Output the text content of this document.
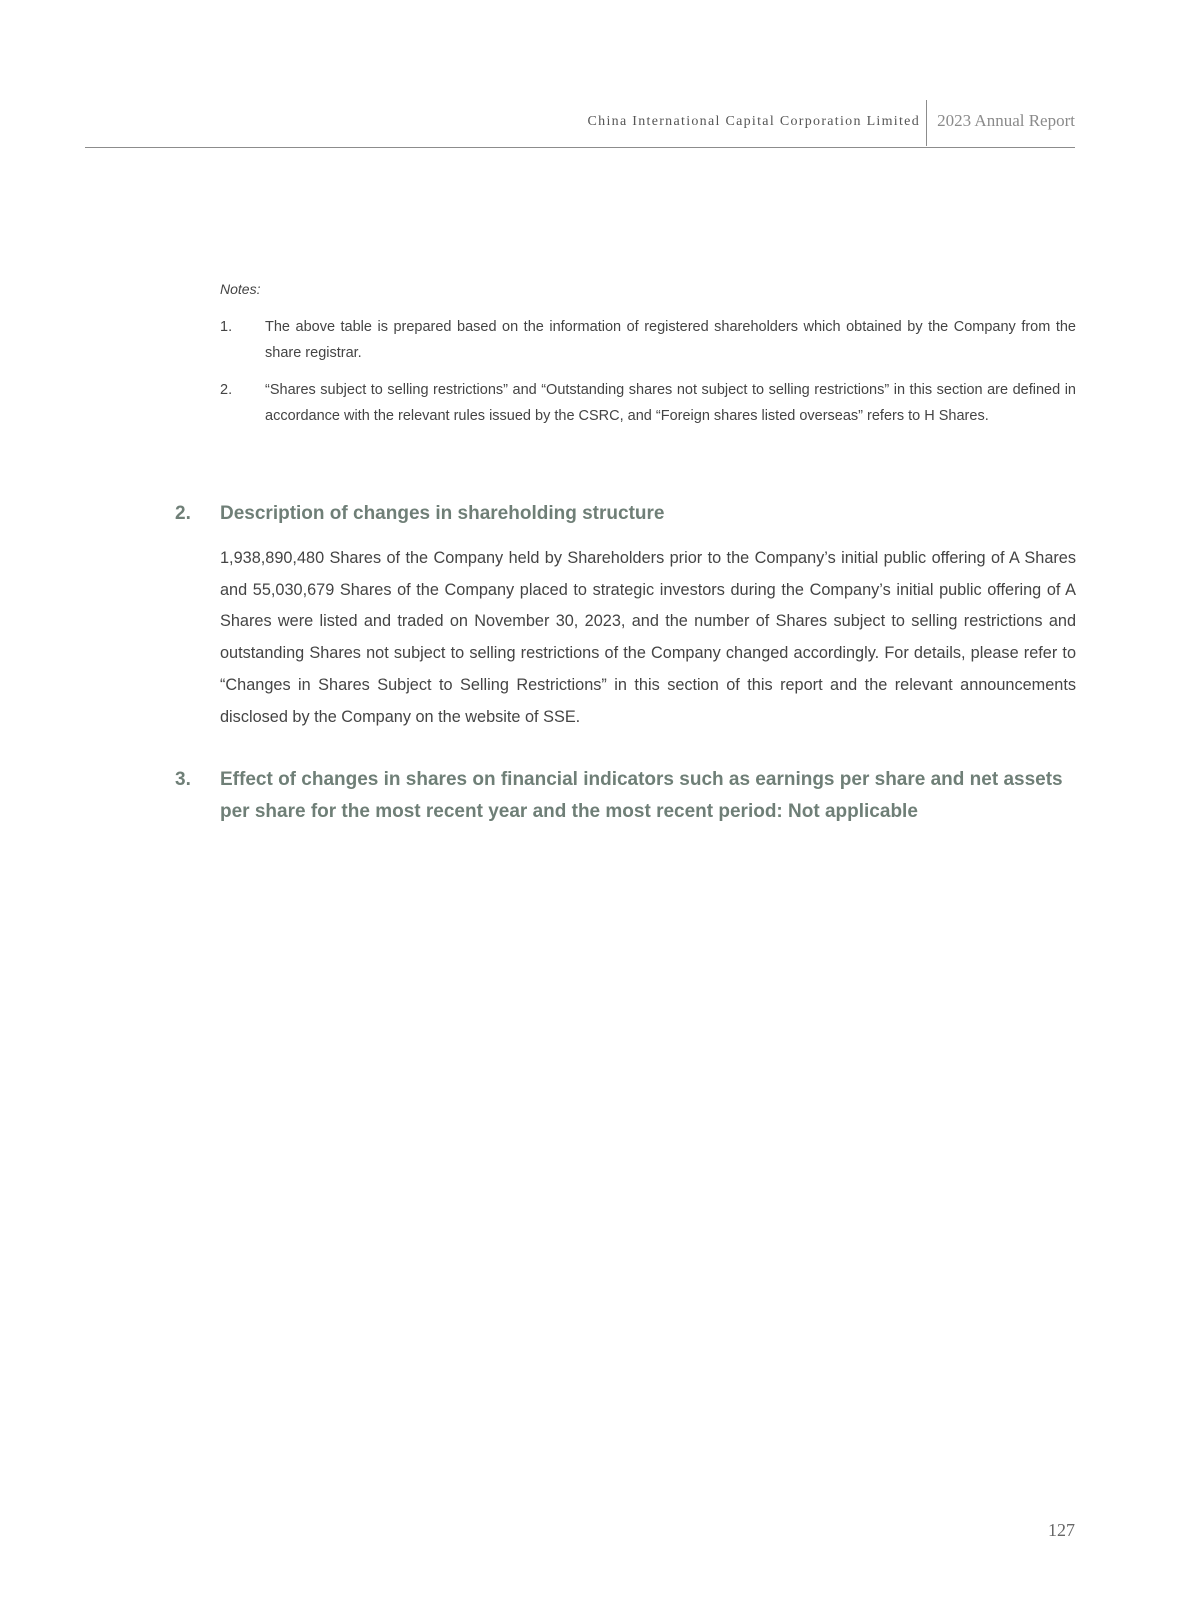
China International Capital Corporation Limited 2023 Annual Report
Notes:
1. The above table is prepared based on the information of registered shareholders which obtained by the Company from the share registrar.
2. “Shares subject to selling restrictions” and “Outstanding shares not subject to selling restrictions” in this section are defined in accordance with the relevant rules issued by the CSRC, and “Foreign shares listed overseas” refers to H Shares.
2. Description of changes in shareholding structure

1,938,890,480 Shares of the Company held by Shareholders prior to the Company’s initial public offering of A Shares and 55,030,679 Shares of the Company placed to strategic investors during the Company’s initial public offering of A Shares were listed and traded on November 30, 2023, and the number of Shares subject to selling restrictions and outstanding Shares not subject to selling restrictions of the Company changed accordingly. For details, please refer to “Changes in Shares Subject to Selling Restrictions” in this section of this report and the relevant announcements disclosed by the Company on the website of SSE.

3. Effect of changes in shares on financial indicators such as earnings per share and net assets per share for the most recent year and the most recent period: Not applicable
127
